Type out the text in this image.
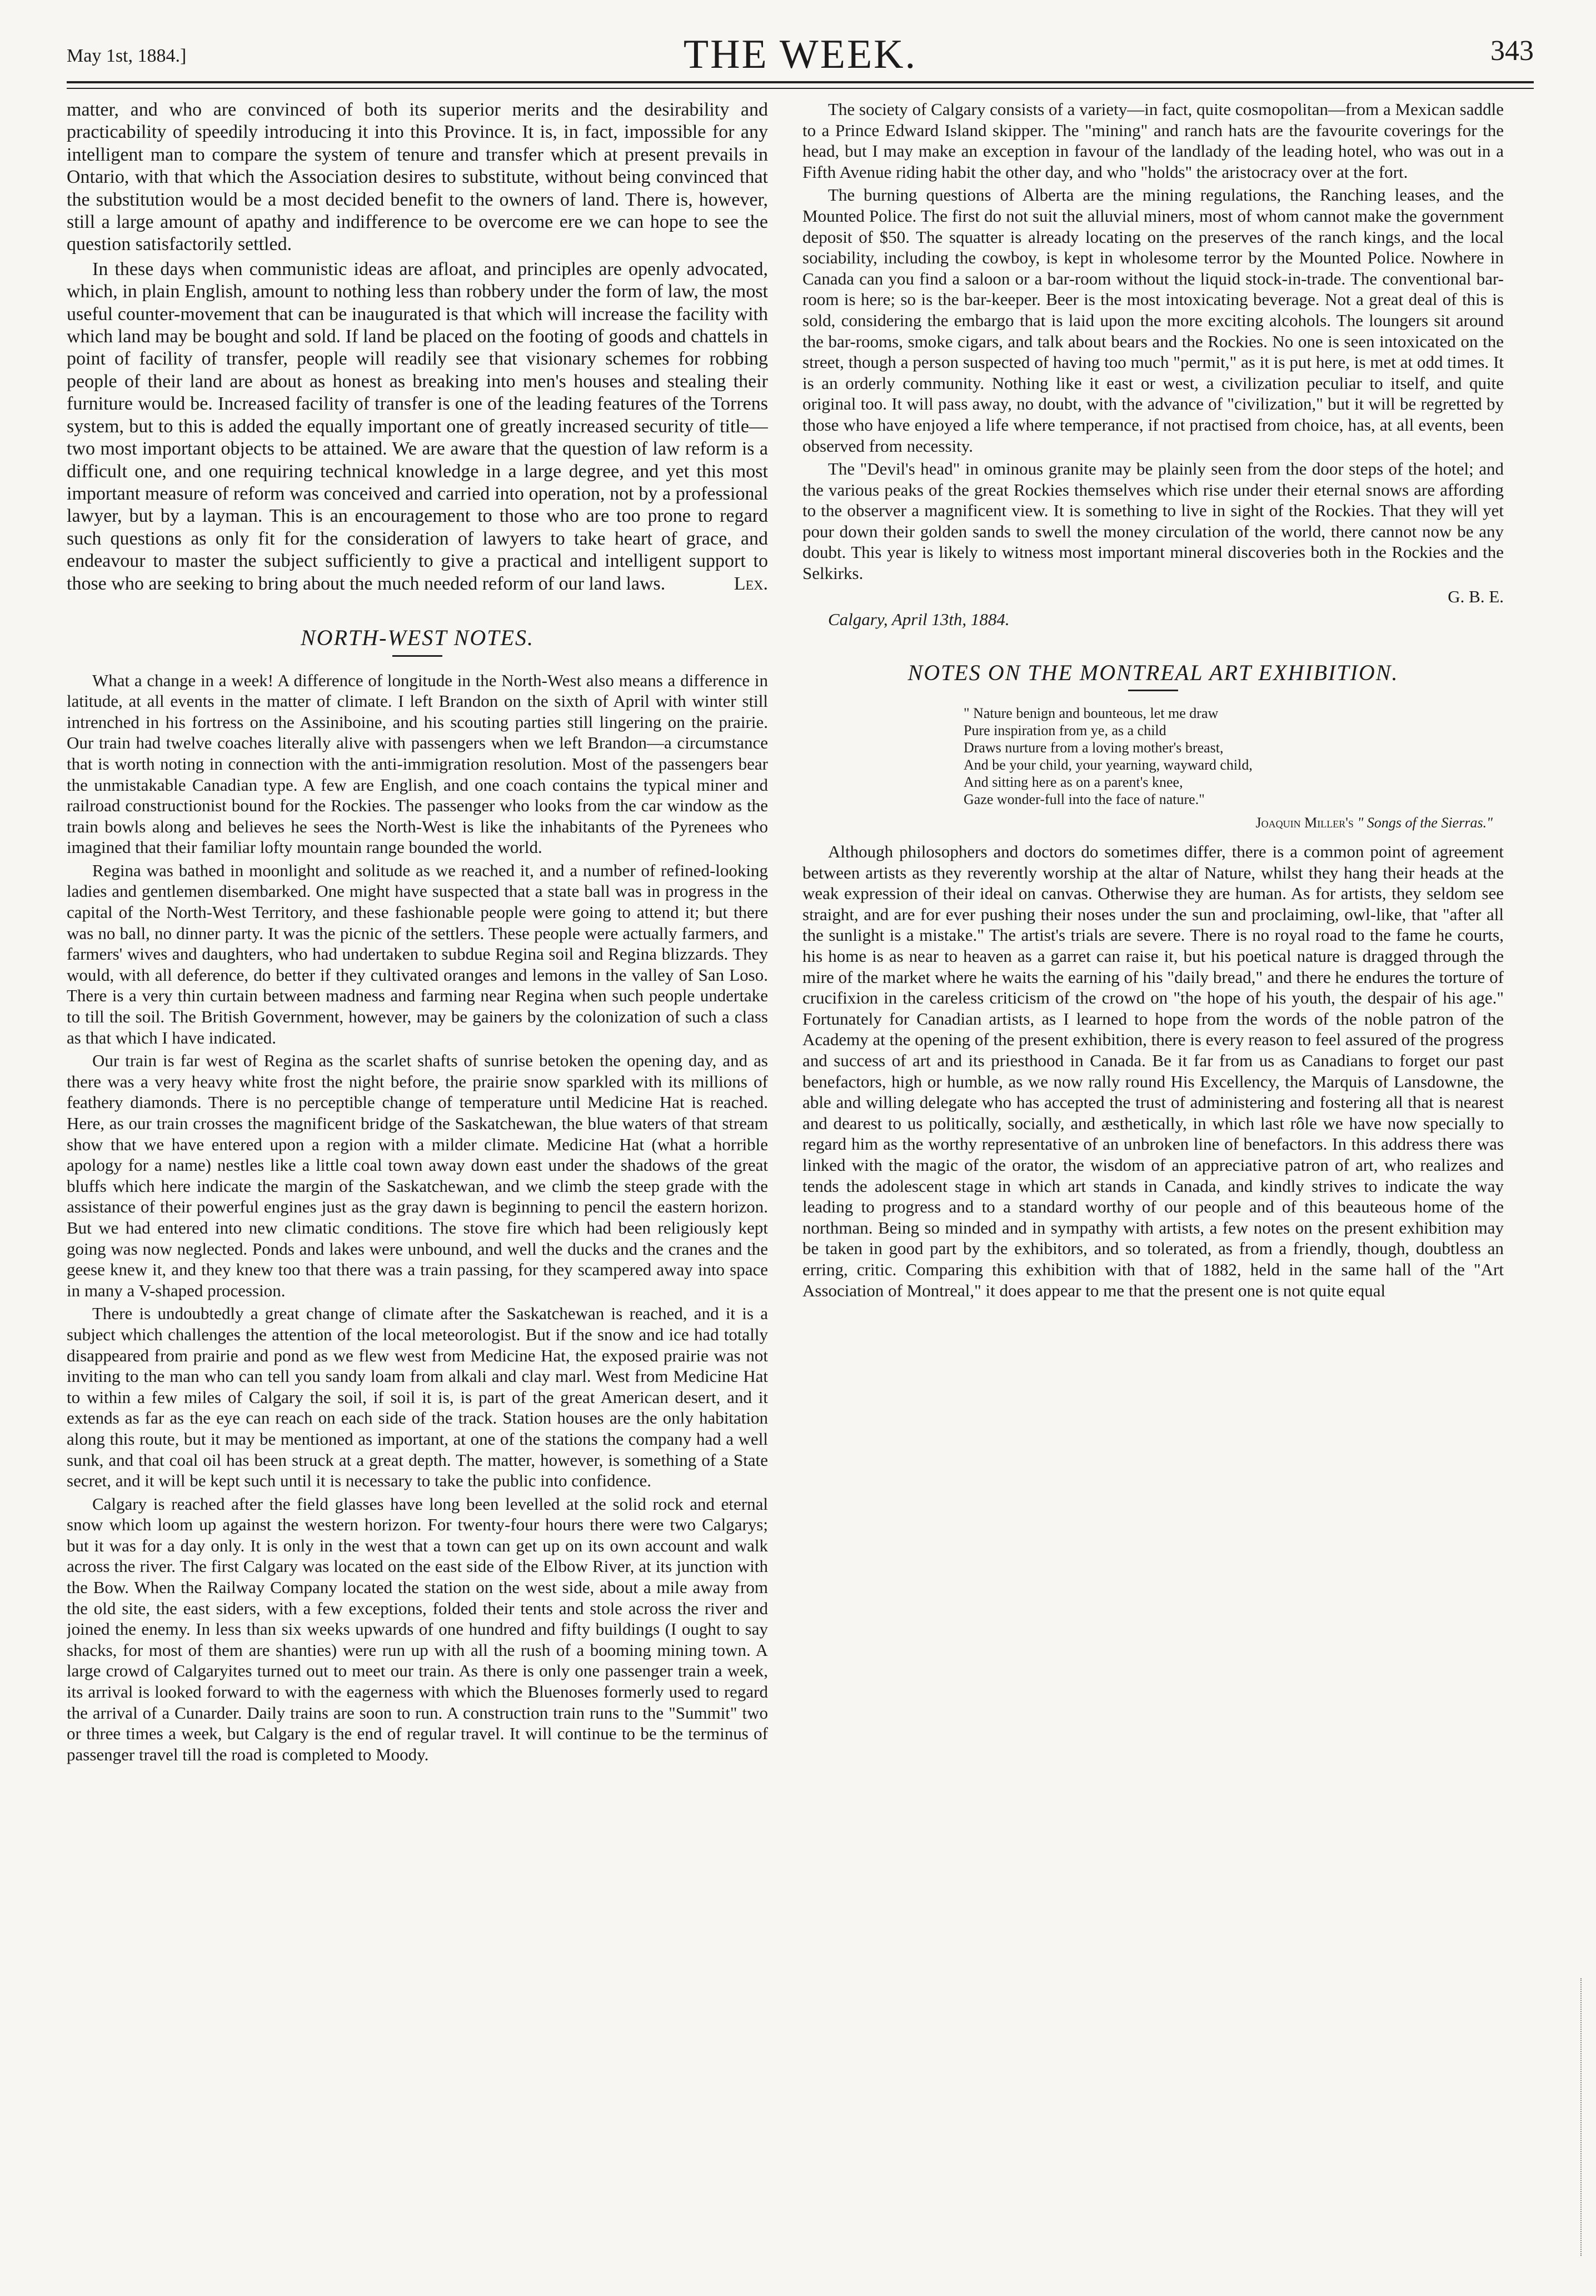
May 1st, 1884.]	THE WEEK.	343

matter, and who are convinced of both its superior merits and the desirability and practicability of speedily introducing it into this Province. It is, in fact, impossible for any intelligent man to compare the system of tenure and transfer which at present prevails in Ontario, with that which the Association desires to substitute, without being convinced that the substitution would be a most decided benefit to the owners of land. There is, however, still a large amount of apathy and indifference to be overcome ere we can hope to see the question satisfactorily settled.

In these days when communistic ideas are afloat, and principles are openly advocated, which, in plain English, amount to nothing less than robbery under the form of law, the most useful counter-movement that can be inaugurated is that which will increase the facility with which land may be bought and sold. If land be placed on the footing of goods and chattels in point of facility of transfer, people will readily see that visionary schemes for robbing people of their land are about as honest as breaking into men's houses and stealing their furniture would be. Increased facility of transfer is one of the leading features of the Torrens system, but to this is added the equally important one of greatly increased security of title—two most important objects to be attained. We are aware that the question of law reform is a difficult one, and one requiring technical knowledge in a large degree, and yet this most important measure of reform was conceived and carried into operation, not by a professional lawyer, but by a layman. This is an encouragement to those who are too prone to regard such questions as only fit for the consideration of lawyers to take heart of grace, and endeavour to master the subject sufficiently to give a practical and intelligent support to those who are seeking to bring about the much needed reform of our land laws.	Lex.

NORTH-WEST NOTES.

What a change in a week! A difference of longitude in the North-West also means a difference in latitude, at all events in the matter of climate. I left Brandon on the sixth of April with winter still intrenched in his fortress on the Assiniboine, and his scouting parties still lingering on the prairie. Our train had twelve coaches literally alive with passengers when we left Brandon—a circumstance that is worth noting in connection with the anti-immigration resolution. Most of the passengers bear the unmistakable Canadian type. A few are English, and one coach contains the typical miner and railroad constructionist bound for the Rockies. The passenger who looks from the car window as the train bowls along and believes he sees the North-West is like the inhabitants of the Pyrenees who imagined that their familiar lofty mountain range bounded the world.

Regina was bathed in moonlight and solitude as we reached it, and a number of refined-looking ladies and gentlemen disembarked. One might have suspected that a state ball was in progress in the capital of the North-West Territory, and these fashionable people were going to attend it; but there was no ball, no dinner party. It was the picnic of the settlers. These people were actually farmers, and farmers' wives and daughters, who had undertaken to subdue Regina soil and Regina blizzards. They would, with all deference, do better if they cultivated oranges and lemons in the valley of San Loso. There is a very thin curtain between madness and farming near Regina when such people undertake to till the soil. The British Government, however, may be gainers by the colonization of such a class as that which I have indicated.

Our train is far west of Regina as the scarlet shafts of sunrise betoken the opening day, and as there was a very heavy white frost the night before, the prairie snow sparkled with its millions of feathery diamonds. There is no perceptible change of temperature until Medicine Hat is reached. Here, as our train crosses the magnificent bridge of the Saskatchewan, the blue waters of that stream show that we have entered upon a region with a milder climate. Medicine Hat (what a horrible apology for a name) nestles like a little coal town away down east under the shadows of the great bluffs which here indicate the margin of the Saskatchewan, and we climb the steep grade with the assistance of their powerful engines just as the gray dawn is beginning to pencil the eastern horizon. But we had entered into new climatic conditions. The stove fire which had been religiously kept going was now neglected. Ponds and lakes were unbound, and well the ducks and the cranes and the geese knew it, and they knew too that there was a train passing, for they scampered away into space in many a V-shaped procession.

There is undoubtedly a great change of climate after the Saskatchewan is reached, and it is a subject which challenges the attention of the local meteorologist. But if the snow and ice had totally disappeared from prairie and pond as we flew west from Medicine Hat, the exposed prairie was not inviting to the man who can tell you sandy loam from alkali and clay marl. West from Medicine Hat to within a few miles of Calgary the soil, if soil it is, is part of the great American desert, and it extends as far as the eye can reach on each side of the track. Station houses are the only habitation along this route, but it may be mentioned as important, at one of the stations the company had a well sunk, and that coal oil has been struck at a great depth. The matter, however, is something of a State secret, and it will be kept such until it is necessary to take the public into confidence.

Calgary is reached after the field glasses have long been levelled at the solid rock and eternal snow which loom up against the western horizon. For twenty-four hours there were two Calgarys; but it was for a day only. It is only in the west that a town can get up on its own account and walk across the river. The first Calgary was located on the east side of the Elbow River, at its junction with the Bow. When the Railway Company located the station on the west side, about a mile away from the old site, the east siders, with a few exceptions, folded their tents and stole across the river and joined the enemy. In less than six weeks upwards of one hundred and fifty buildings (I ought to say shacks, for most of them are shanties) were run up with all the rush of a booming mining town. A large crowd of Calgaryites turned out to meet our train. As there is only one passenger train a week, its arrival is looked forward to with the eagerness with which the Bluenoses formerly used to regard the arrival of a Cunarder. Daily trains are soon to run. A construction train runs to the "Summit" two or three times a week, but Calgary is the end of regular travel. It will continue to be the terminus of passenger travel till the road is completed to Moody.

The society of Calgary consists of a variety—in fact, quite cosmopolitan—from a Mexican saddle to a Prince Edward Island skipper. The "mining" and ranch hats are the favourite coverings for the head, but I may make an exception in favour of the landlady of the leading hotel, who was out in a Fifth Avenue riding habit the other day, and who "holds" the aristocracy over at the fort.

The burning questions of Alberta are the mining regulations, the Ranching leases, and the Mounted Police. The first do not suit the alluvial miners, most of whom cannot make the government deposit of $50. The squatter is already locating on the preserves of the ranch kings, and the local sociability, including the cowboy, is kept in wholesome terror by the Mounted Police. Nowhere in Canada can you find a saloon or a bar-room without the liquid stock-in-trade. The conventional bar-room is here; so is the bar-keeper. Beer is the most intoxicating beverage. Not a great deal of this is sold, considering the embargo that is laid upon the more exciting alcohols. The loungers sit around the bar-rooms, smoke cigars, and talk about bears and the Rockies. No one is seen intoxicated on the street, though a person suspected of having too much "permit," as it is put here, is met at odd times. It is an orderly community. Nothing like it east or west, a civilization peculiar to itself, and quite original too. It will pass away, no doubt, with the advance of "civilization," but it will be regretted by those who have enjoyed a life where temperance, if not practised from choice, has, at all events, been observed from necessity.

The "Devil's head" in ominous granite may be plainly seen from the door steps of the hotel; and the various peaks of the great Rockies themselves which rise under their eternal snows are affording to the observer a magnificent view. It is something to live in sight of the Rockies. That they will yet pour down their golden sands to swell the money circulation of the world, there cannot now be any doubt. This year is likely to witness most important mineral discoveries both in the Rockies and the Selkirks.

G. B. E.
Calgary, April 13th, 1884.
NOTES ON THE MONTREAL ART EXHIBITION.
" Nature benign and bounteous, let me draw
Pure inspiration from ye, as a child
Draws nurture from a loving mother's breast,
And be your child, your yearning, wayward child,
And sitting here as on a parent's knee,
Gaze wonder-full into the face of nature."
Joaquin Miller's " Songs of the Sierras."

Although philosophers and doctors do sometimes differ, there is a common point of agreement between artists as they reverently worship at the altar of Nature, whilst they hang their heads at the weak expression of their ideal on canvas. Otherwise they are human. As for artists, they seldom see straight, and are for ever pushing their noses under the sun and proclaiming, owl-like, that "after all the sunlight is a mistake." The artist's trials are severe. There is no royal road to the fame he courts, his home is as near to heaven as a garret can raise it, but his poetical nature is dragged through the mire of the market where he waits the earning of his "daily bread," and there he endures the torture of crucifixion in the careless criticism of the crowd on "the hope of his youth, the despair of his age." Fortunately for Canadian artists, as I learned to hope from the words of the noble patron of the Academy at the opening of the present exhibition, there is every reason to feel assured of the progress and success of art and its priesthood in Canada. Be it far from us as Canadians to forget our past benefactors, high or humble, as we now rally round His Excellency, the Marquis of Lansdowne, the able and willing delegate who has accepted the trust of administering and fostering all that is nearest and dearest to us politically, socially, and æsthetically, in which last rôle we have now specially to regard him as the worthy representative of an unbroken line of benefactors. In this address there was linked with the magic of the orator, the wisdom of an appreciative patron of art, who realizes and tends the adolescent stage in which art stands in Canada, and kindly strives to indicate the way leading to progress and to a standard worthy of our people and of this beauteous home of the northman. Being so minded and in sympathy with artists, a few notes on the present exhibition may be taken in good part by the exhibitors, and so tolerated, as from a friendly, though, doubtless an erring, critic. Comparing this exhibition with that of 1882, held in the same hall of the "Art Association of Montreal," it does appear to me that the present one is not quite equal
